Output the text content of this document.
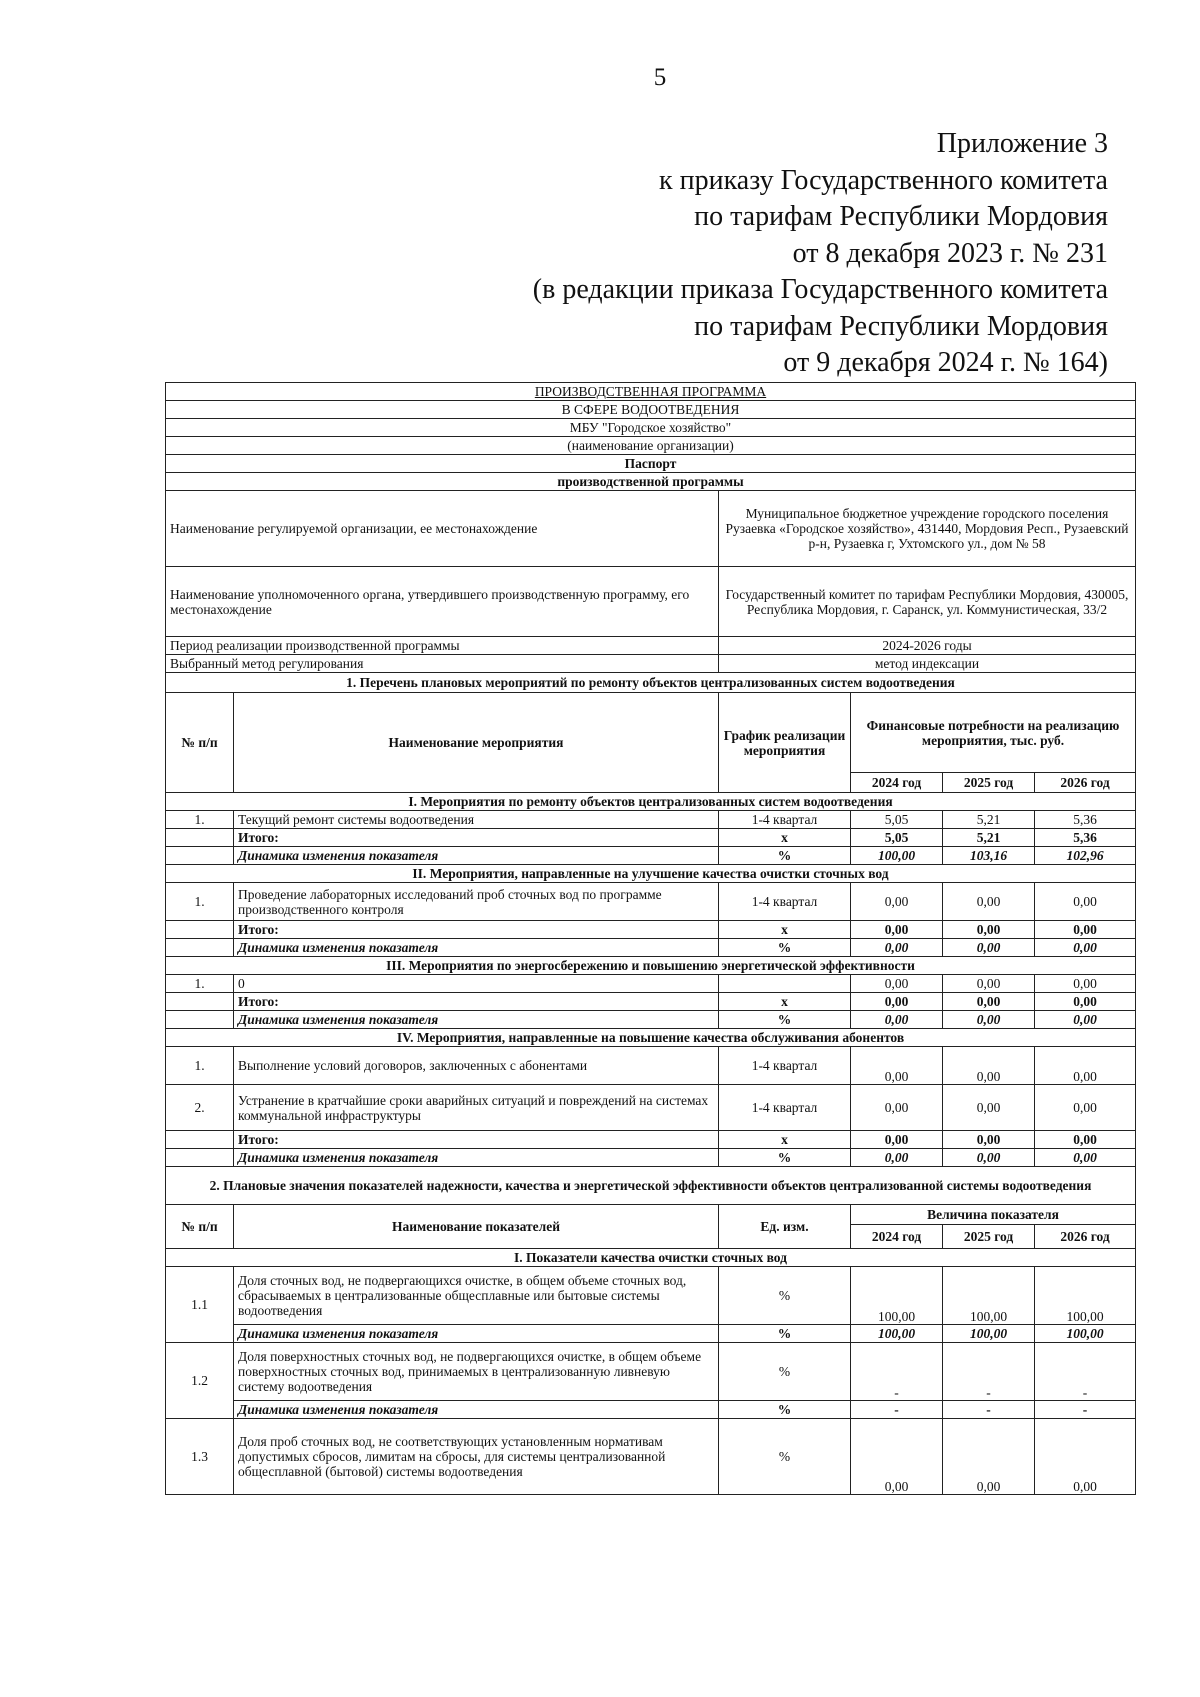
5
Приложение 3
к приказу Государственного комитета
по тарифам Республики Мордовия
от 8 декабря 2023 г. № 231
(в редакции приказа Государственного комитета
по тарифам Республики Мордовия
от 9 декабря 2024 г. № 164)
ПРОИЗВОДСТВЕННАЯ ПРОГРАММА					
В СФЕРЕ ВОДООТВЕДЕНИЯ					
МБУ "Городское хозяйство"					
(наименование организации)					
Паспорт					
производственной программы					
Наименование регулируемой организации, ее местонахождение		Муниципальное бюджетное учреждение городского поселения Рузаевка «Городское хозяйство», 431440, Мордовия Респ., Рузаевский р-н, Рузаевка г, Ухтомского ул., дом № 58			
Наименование уполномоченного органа, утвердившего производственную программу, его местонахождение		Государственный комитет по тарифам Республики Мордовия, 430005, Республика Мордовия, г. Саранск, ул. Коммунистическая, 33/2			
Период реализации производственной программы		2024-2026 годы			
Выбранный метод регулирования		метод индексации			
1. Перечень плановых мероприятий по ремонту объектов централизованных систем водоотведения					
№ п/п	Наименование мероприятия	График реализации мероприятия	Финансовые потребности на реализацию мероприятия, тыс. руб.		
			2024 год	2025 год	2026 год
I. Мероприятия по ремонту объектов централизованных систем водоотведения					
1.	Текущий ремонт системы водоотведения	1-4 квартал	5,05	5,21	5,36
	Итого:	х	5,05	5,21	5,36
	Динамика изменения показателя	%	100,00	103,16	102,96
II. Мероприятия, направленные на улучшение качества очистки сточных вод					
1.	Проведение лабораторных исследований проб сточных вод по программе производственного контроля	1-4 квартал	0,00	0,00	0,00
	Итого:	х	0,00	0,00	0,00
	Динамика изменения показателя	%	0,00	0,00	0,00
III. Мероприятия по энергосбережению и повышению энергетической эффективности					
1.	0		0,00	0,00	0,00
	Итого:	х	0,00	0,00	0,00
	Динамика изменения показателя	%	0,00	0,00	0,00
IV. Мероприятия, направленные на повышение качества обслуживания абонентов					
1.	Выполнение условий договоров, заключенных с абонентами	1-4 квартал	0,00	0,00	0,00
2.	Устранение в кратчайшие сроки аварийных ситуаций и повреждений на системах коммунальной инфраструктуры	1-4 квартал	0,00	0,00	0,00
	Итого:	х	0,00	0,00	0,00
	Динамика изменения показателя	%	0,00	0,00	0,00
2. Плановые значения показателей надежности, качества и энергетической эффективности объектов централизованной системы водоотведения					
№ п/п	Наименование показателей	Ед. изм.	Величина показателя		
			2024 год	2025 год	2026 год
I. Показатели качества очистки сточных вод					
1.1	Доля сточных вод, не подвергающихся очистке, в общем объеме сточных вод, сбрасываемых в централизованные общесплавные или бытовые системы водоотведения	%	100,00	100,00	100,00
	Динамика изменения показателя	%	100,00	100,00	100,00
1.2	Доля поверхностных сточных вод, не подвергающихся очистке, в общем объеме поверхностных сточных вод, принимаемых в централизованную ливневую систему водоотведения	%	-	-	-
	Динамика изменения показателя	%	-	-	-
1.3	Доля проб сточных вод, не соответствующих установленным нормативам допустимых сбросов, лимитам на сбросы, для системы централизованной общесплавной (бытовой) системы водоотведения	%	0,00	0,00	0,00
